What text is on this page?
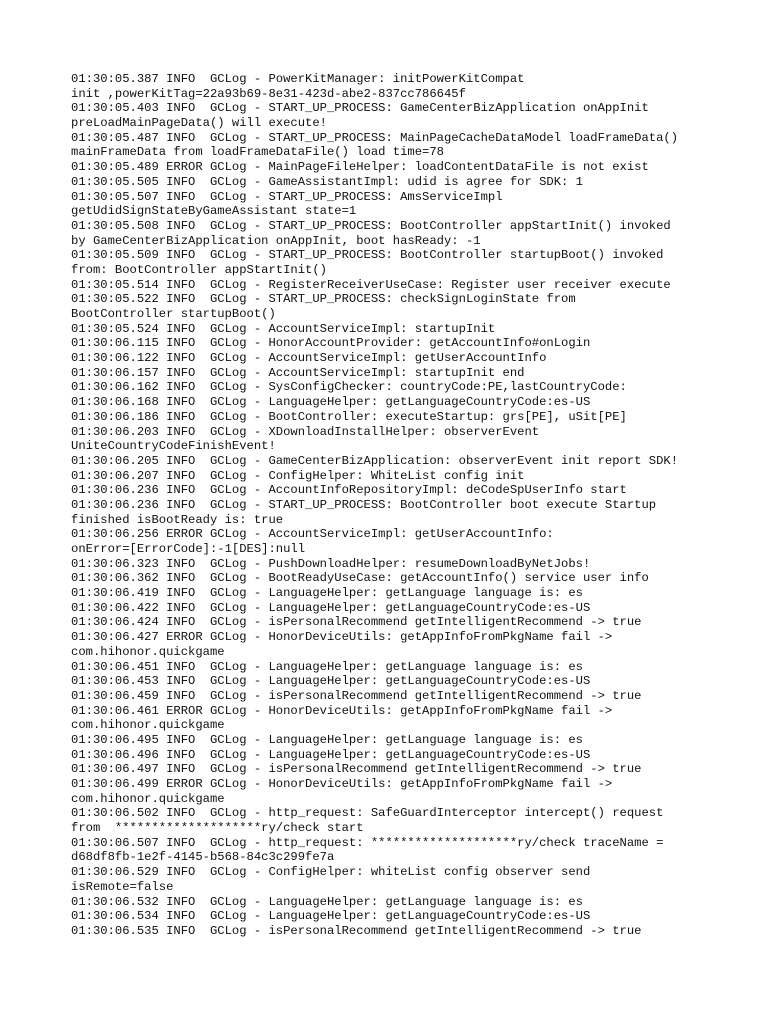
01:30:05.387 INFO  GCLog - PowerKitManager: initPowerKitCompat
init ,powerKitTag=22a93b69-8e31-423d-abe2-837cc786645f
01:30:05.403 INFO  GCLog - START_UP_PROCESS: GameCenterBizApplication onAppInit
preLoadMainPageData() will execute!
01:30:05.487 INFO  GCLog - START_UP_PROCESS: MainPageCacheDataModel loadFrameData()
mainFrameData from loadFrameDataFile() load time=78
01:30:05.489 ERROR GCLog - MainPageFileHelper: loadContentDataFile is not exist
01:30:05.505 INFO  GCLog - GameAssistantImpl: udid is agree for SDK: 1
01:30:05.507 INFO  GCLog - START_UP_PROCESS: AmsServiceImpl
getUdidSignStateByGameAssistant state=1
01:30:05.508 INFO  GCLog - START_UP_PROCESS: BootController appStartInit() invoked
by GameCenterBizApplication onAppInit, boot hasReady: -1
01:30:05.509 INFO  GCLog - START_UP_PROCESS: BootController startupBoot() invoked
from: BootController appStartInit()
01:30:05.514 INFO  GCLog - RegisterReceiverUseCase: Register user receiver execute
01:30:05.522 INFO  GCLog - START_UP_PROCESS: checkSignLoginState from
BootController startupBoot()
01:30:05.524 INFO  GCLog - AccountServiceImpl: startupInit
01:30:06.115 INFO  GCLog - HonorAccountProvider: getAccountInfo#onLogin
01:30:06.122 INFO  GCLog - AccountServiceImpl: getUserAccountInfo
01:30:06.157 INFO  GCLog - AccountServiceImpl: startupInit end
01:30:06.162 INFO  GCLog - SysConfigChecker: countryCode:PE,lastCountryCode:
01:30:06.168 INFO  GCLog - LanguageHelper: getLanguageCountryCode:es-US
01:30:06.186 INFO  GCLog - BootController: executeStartup: grs[PE], uSit[PE]
01:30:06.203 INFO  GCLog - XDownloadInstallHelper: observerEvent
UniteCountryCodeFinishEvent!
01:30:06.205 INFO  GCLog - GameCenterBizApplication: observerEvent init report SDK!
01:30:06.207 INFO  GCLog - ConfigHelper: WhiteList config init
01:30:06.236 INFO  GCLog - AccountInfoRepositoryImpl: deCodeSpUserInfo start
01:30:06.236 INFO  GCLog - START_UP_PROCESS: BootController boot execute Startup
finished isBootReady is: true
01:30:06.256 ERROR GCLog - AccountServiceImpl: getUserAccountInfo:
onError=[ErrorCode]:-1[DES]:null
01:30:06.323 INFO  GCLog - PushDownloadHelper: resumeDownloadByNetJobs!
01:30:06.362 INFO  GCLog - BootReadyUseCase: getAccountInfo() service user info
01:30:06.419 INFO  GCLog - LanguageHelper: getLanguage language is: es
01:30:06.422 INFO  GCLog - LanguageHelper: getLanguageCountryCode:es-US
01:30:06.424 INFO  GCLog - isPersonalRecommend getIntelligentRecommend -> true
01:30:06.427 ERROR GCLog - HonorDeviceUtils: getAppInfoFromPkgName fail ->
com.hihonor.quickgame
01:30:06.451 INFO  GCLog - LanguageHelper: getLanguage language is: es
01:30:06.453 INFO  GCLog - LanguageHelper: getLanguageCountryCode:es-US
01:30:06.459 INFO  GCLog - isPersonalRecommend getIntelligentRecommend -> true
01:30:06.461 ERROR GCLog - HonorDeviceUtils: getAppInfoFromPkgName fail ->
com.hihonor.quickgame
01:30:06.495 INFO  GCLog - LanguageHelper: getLanguage language is: es
01:30:06.496 INFO  GCLog - LanguageHelper: getLanguageCountryCode:es-US
01:30:06.497 INFO  GCLog - isPersonalRecommend getIntelligentRecommend -> true
01:30:06.499 ERROR GCLog - HonorDeviceUtils: getAppInfoFromPkgName fail ->
com.hihonor.quickgame
01:30:06.502 INFO  GCLog - http_request: SafeGuardInterceptor intercept() request
from  ********************ry/check start
01:30:06.507 INFO  GCLog - http_request: ********************ry/check traceName =
d68df8fb-1e2f-4145-b568-84c3c299fe7a
01:30:06.529 INFO  GCLog - ConfigHelper: whiteList config observer send
isRemote=false
01:30:06.532 INFO  GCLog - LanguageHelper: getLanguage language is: es
01:30:06.534 INFO  GCLog - LanguageHelper: getLanguageCountryCode:es-US
01:30:06.535 INFO  GCLog - isPersonalRecommend getIntelligentRecommend -> true
